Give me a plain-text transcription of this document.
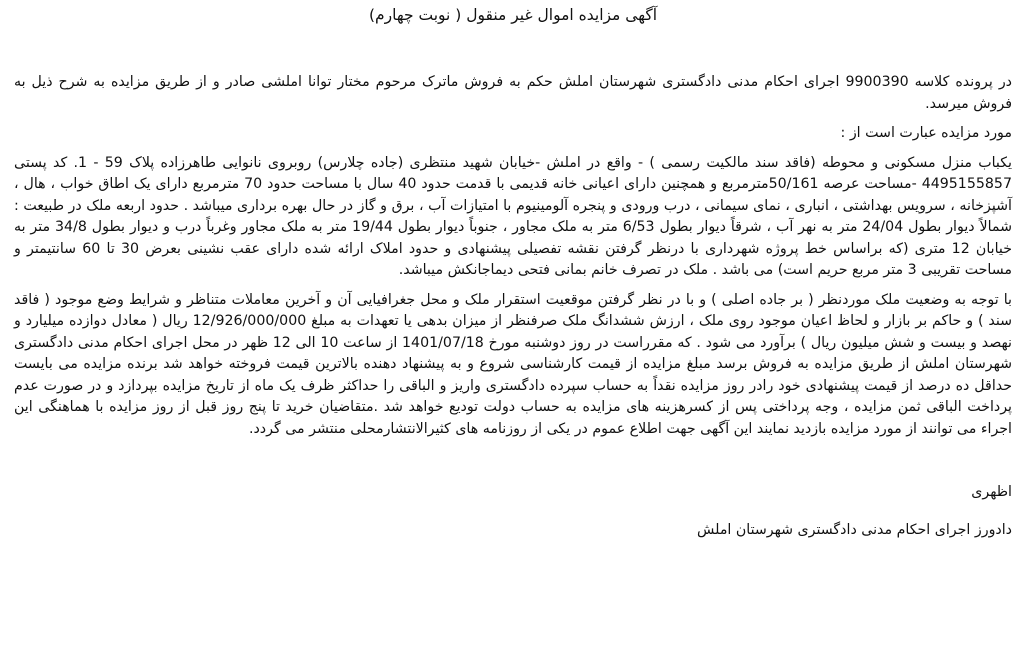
آگهی مزایده اموال غیر منقول ( نوبت چهارم)

در پرونده کلاسه 9900390 اجرای احکام مدنی دادگستری شهرستان املش حکم به فروش ماترک مرحوم مختار توانا املشی صادر و از طریق مزایده به شرح ذیل به فروش میرسد.

مورد مزایده عبارت است از :

یکباب منزل مسکونی و محوطه (فاقد سند مالکیت رسمی ) - واقع در املش -خیابان شهید منتظری (جاده چلارس) روبروی نانوایی طاهرزاده پلاک 59 - 1. کد پستی 4495155857 -مساحت عرصه 50/161مترمربع و همچنین دارای اعیانی خانه قدیمی با قدمت حدود 40 سال با مساحت حدود 70 مترمربع دارای یک اطاق خواب ، هال ، آشپزخانه ، سرویس بهداشتی ، انباری ، نمای سیمانی ، درب ورودی و پنجره آلومینیوم با امتیازات آب ، برق و گاز در حال بهره برداری میباشد . حدود اربعه ملک در طبیعت : شمالاً دیوار بطول 24/04 متر به نهر آب ، شرقاً دیوار بطول 6/53 متر به ملک مجاور ، جنوباً دیوار بطول 19/44 متر به ملک مجاور وغرباً درب و دیوار بطول 34/8 متر به خیابان 12 متری (که براساس خط پروژه شهرداری با درنظر گرفتن نقشه تفصیلی پیشنهادی و حدود املاک ارائه شده دارای عقب نشینی بعرض 30 تا 60 سانتیمتر و مساحت تقریبی 3 متر مربع حریم است) می باشد . ملک در تصرف خانم بمانی فتحی دیماجانکش میباشد.

با توجه به وضعیت ملک موردنظر ( بر جاده اصلی ) و با در نظر گرفتن موقعیت استقرار ملک و محل جغرافیایی آن و آخرین معاملات متناظر و شرایط وضع موجود ( فاقد سند ) و حاکم بر بازار و لحاظ اعیان موجود روی ملک ، ارزش ششدانگ ملک صرفنظر از میزان بدهی یا تعهدات به مبلغ 12/926/000/000 ریال ( معادل دوازده میلیارد و نهصد و بیست و شش میلیون ریال ) برآورد می شود . که مقرراست در روز دوشنبه مورخ 1401/07/18 از ساعت 10 الی 12 ظهر در محل اجرای احکام مدنی دادگستری شهرستان املش از طریق مزایده به فروش برسد مبلغ مزایده از قیمت کارشناسی شروع و به پیشنهاد دهنده بالاترین قیمت فروخته خواهد شد برنده مزایده می بایست حداقل ده درصد از قیمت پیشنهادی خود رادر روز مزایده نقداً به حساب سپرده دادگستری واریز و الباقی را حداکثر ظرف یک ماه از تاریخ مزایده بپردازد و در صورت عدم پرداخت الباقی ثمن مزایده ، وجه پرداختی پس از کسرهزینه های مزایده به حساب دولت تودیع خواهد شد .متقاضیان خرید تا پنج روز قبل از روز مزایده با هماهنگی این اجراء می توانند از مورد مزایده بازدید نمایند این آگهی جهت اطلاع عموم در یکی از روزنامه های کثیرالانتشارمحلی منتشر می گردد.

اظهری

دادورز اجرای احکام مدنی دادگستری شهرستان املش
